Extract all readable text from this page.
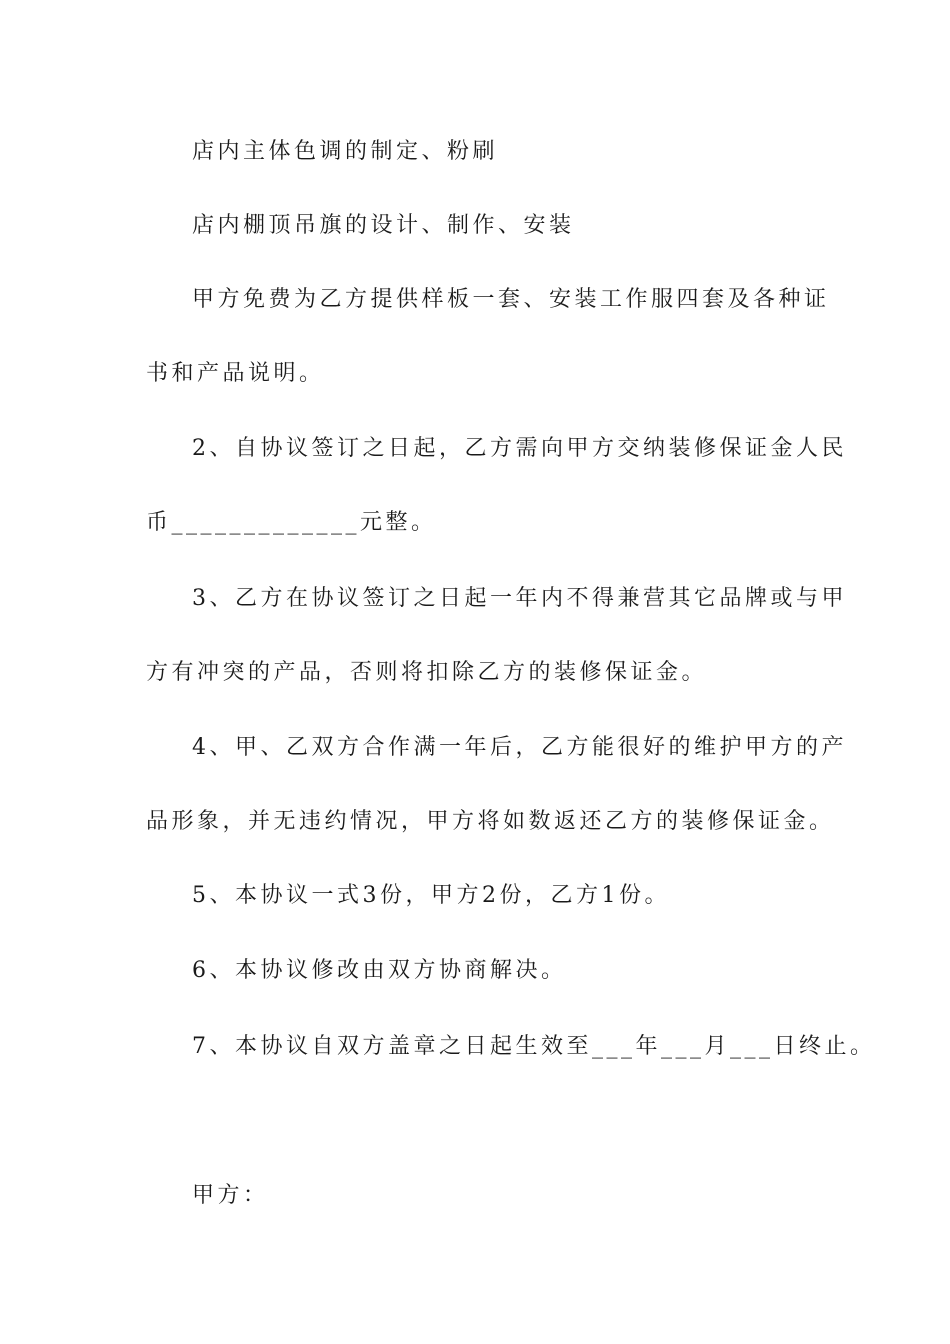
店内主体色调的制定、粉刷
店内棚顶吊旗的设计、制作、安装
甲方免费为乙方提供样板一套、安装工作服四套及各种证
书和产品说明。
2、自协议签订之日起，乙方需向甲方交纳装修保证金人民
币_____________元整。
3、乙方在协议签订之日起一年内不得兼营其它品牌或与甲
方有冲突的产品，否则将扣除乙方的装修保证金。
4、甲、乙双方合作满一年后，乙方能很好的维护甲方的产
品形象，并无违约情况，甲方将如数返还乙方的装修保证金。
5、本协议一式3份，甲方2份，乙方1份。
6、本协议修改由双方协商解决。
7、本协议自双方盖章之日起生效至___年___月___日终止。
甲方：
